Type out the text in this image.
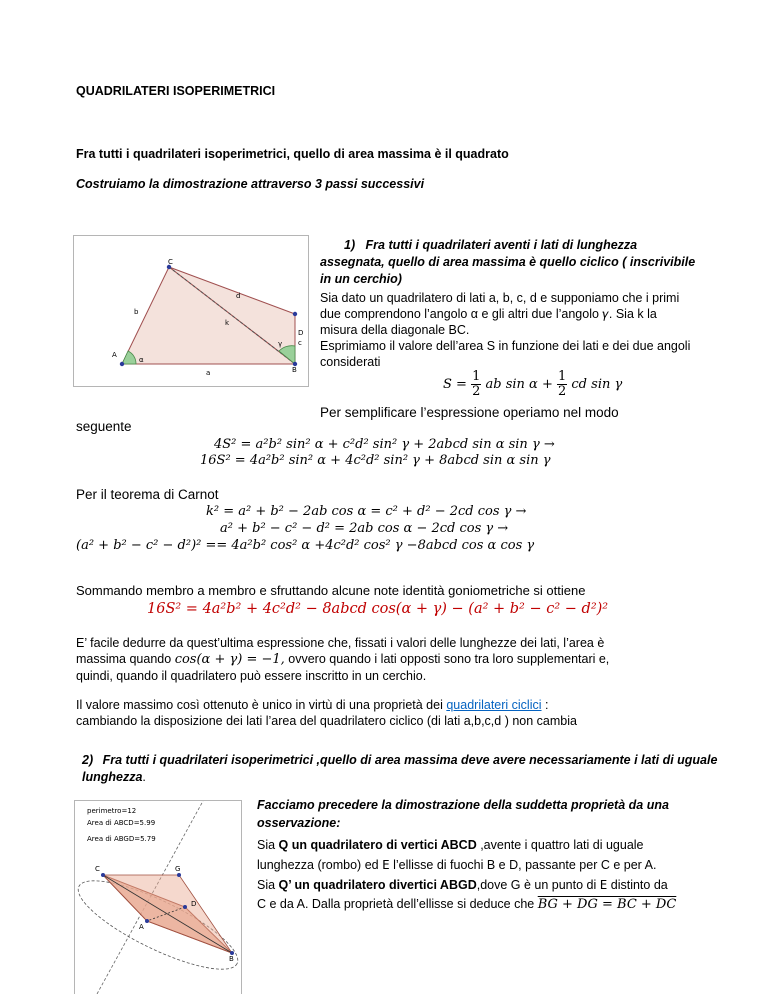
QUADRILATERI ISOPERIMETRICI
Fra tutti i quadrilateri isoperimetrici, quello di area massima è il quadrato
Costruiamo la dimostrazione attraverso 3 passi successivi
C
d
b
k
D
c
γ
A
α
B
a
1) Fra tutti i quadrilateri aventi i lati di lunghezza assegnata, quello di area massima è quello ciclico ( inscrivibile in un cerchio)
Sia dato un quadrilatero di lati a, b, c, d e supponiamo che i primi due comprendono l’angolo α e gli altri due l’angolo 𝛾. Sia k la misura della diagonale BC.
Esprimiamo il valore dell’area S in funzione dei lati e dei due angoli considerati
𝑆 = $\frac{1}{2}$ 𝑎𝑏 sin 𝛼 + $\frac{1}{2}$ 𝑐𝑑 sin 𝛾
Per semplificare l’espressione operiamo nel modo
seguente
4𝑆² = 𝑎²𝑏² sin² 𝛼 + 𝑐²𝑑² sin² 𝛾 + 2𝑎𝑏𝑐𝑑 sin 𝛼 sin 𝛾 →
16𝑆² = 4𝑎²𝑏² sin² 𝛼 + 4𝑐²𝑑² sin² 𝛾 + 8𝑎𝑏𝑐𝑑 sin 𝛼 sin 𝛾
Per il teorema di Carnot
𝑘² = 𝑎² + 𝑏² − 2𝑎𝑏 cos 𝛼 = 𝑐² + 𝑑² − 2𝑐𝑑 cos 𝛾 →
𝑎² + 𝑏² − 𝑐² − 𝑑² = 2𝑎𝑏 cos 𝛼 − 2𝑐𝑑 cos 𝛾 →
(𝑎² + 𝑏² − 𝑐² − 𝑑²)² == 4𝑎²𝑏² cos² 𝛼 +4𝑐²𝑑² cos² 𝛾 −8𝑎𝑏𝑐𝑑 cos 𝛼 cos 𝛾
Sommando membro a membro e sfruttando alcune note identità goniometriche si ottiene
16𝑆² = 4𝑎²𝑏² + 4𝑐²𝑑² − 8𝑎𝑏𝑐𝑑 cos(𝛼 + 𝛾) − (𝑎² + 𝑏² − 𝑐² − 𝑑²)²
E’ facile dedurre da quest’ultima espressione che, fissati i valori delle lunghezze dei lati, l’area è
massima quando cos(𝛼 + 𝛾) = −1, ovvero quando i lati opposti sono tra loro supplementari e,
quindi, quando il quadrilatero può essere inscritto in un cerchio.
Il valore massimo così ottenuto è unico in virtù di una proprietà dei quadrilateri ciclici :
cambiando la disposizione dei lati l’area del quadrilatero ciclico (di lati a,b,c,d ) non cambia
2) Fra tutti i quadrilateri isoperimetrici ,quello di area massima deve avere necessariamente i lati di uguale lunghezza.
perimetro=12
Area di ABCD=5.99
Area di ABGD=5.79
C	G
D
B
A
Facciamo precedere la dimostrazione della suddetta proprietà da una osservazione:
Sia Q un quadrilatero di vertici ABCD ,avente i quattro lati di uguale
lunghezza (rombo) ed E l’ellisse di fuochi B e D, passante per C e per A.
Sia Q’ un quadrilatero divertici ABGD,dove G è un punto di E distinto da
C e da A. Dalla proprietà dell’ellisse si deduce che BG + DG = BC + DC
